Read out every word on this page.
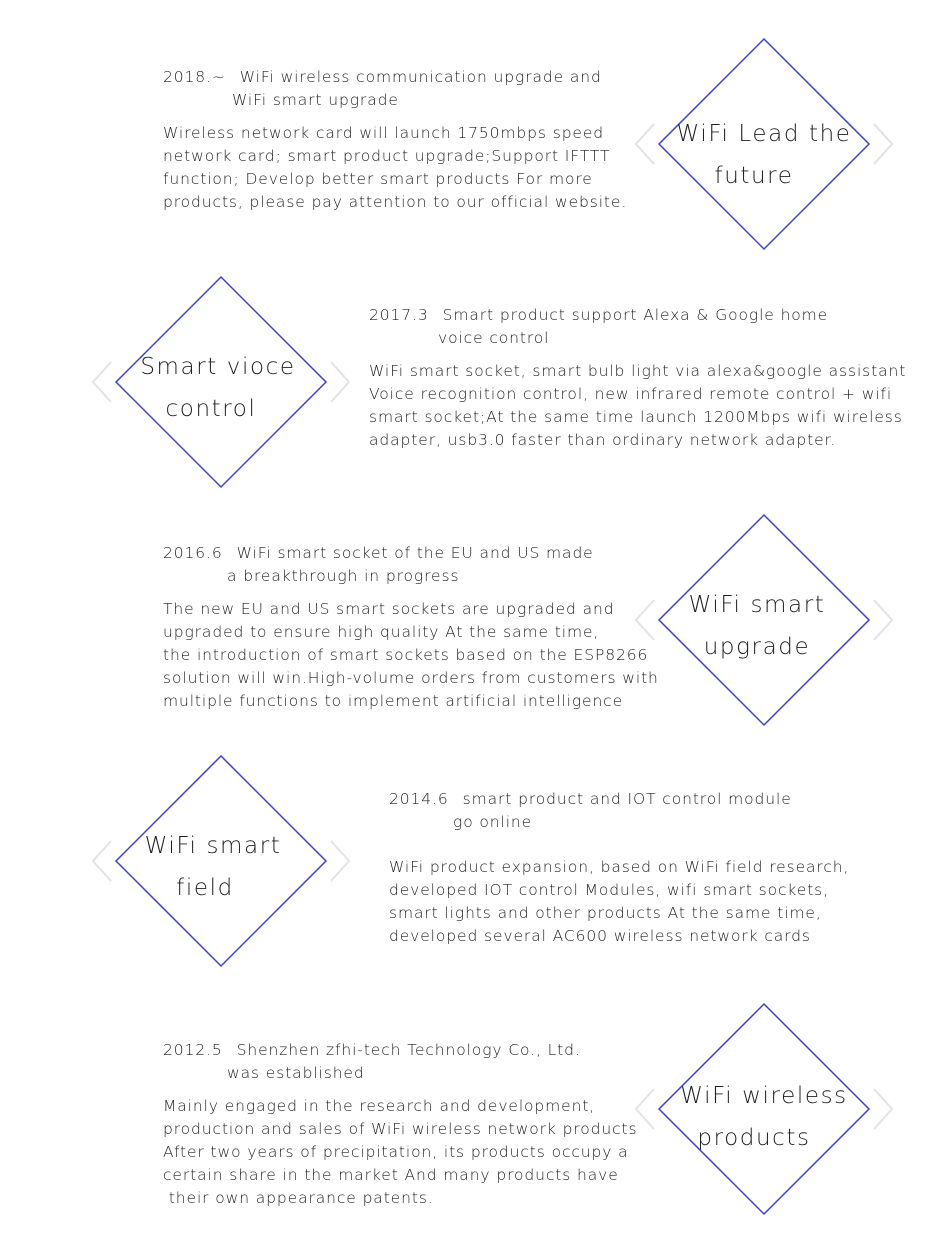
2018.~ WiFi wireless communication upgrade and
WiFi smart upgrade
Wireless network card will launch 1750mbps speed
network card; smart product upgrade;Support IFTTT
function; Develop better smart products For more
products, please pay attention to our official website.
WiFi Lead the
future
Smart vioce
control
2017.3 Smart product support Alexa & Google home
voice control
WiFi smart socket, smart bulb light via alexa&google assistant
Voice recognition control, new infrared remote control + wifi
smart socket;At the same time launch 1200Mbps wifi wireless
adapter, usb3.0 faster than ordinary network adapter.
2016.6 WiFi smart socket of the EU and US made
a breakthrough in progress
The new EU and US smart sockets are upgraded and
upgraded to ensure high quality At the same time,
the introduction of smart sockets based on the ESP8266
solution will win.High-volume orders from customers with
multiple functions to implement artificial intelligence
WiFi smart
upgrade
WiFi smart
field
2014.6 smart product and IOT control module
go online
WiFi product expansion, based on WiFi field research,
developed IOT control Modules, wifi smart sockets,
smart lights and other products At the same time,
developed several AC600 wireless network cards
2012.5 Shenzhen zfhi-tech Technology Co., Ltd.
was established
Mainly engaged in the research and development,
production and sales of WiFi wireless network products
After two years of precipitation, its products occupy a
certain share in the market And many products have
their own appearance patents.
WiFi wireless
products
